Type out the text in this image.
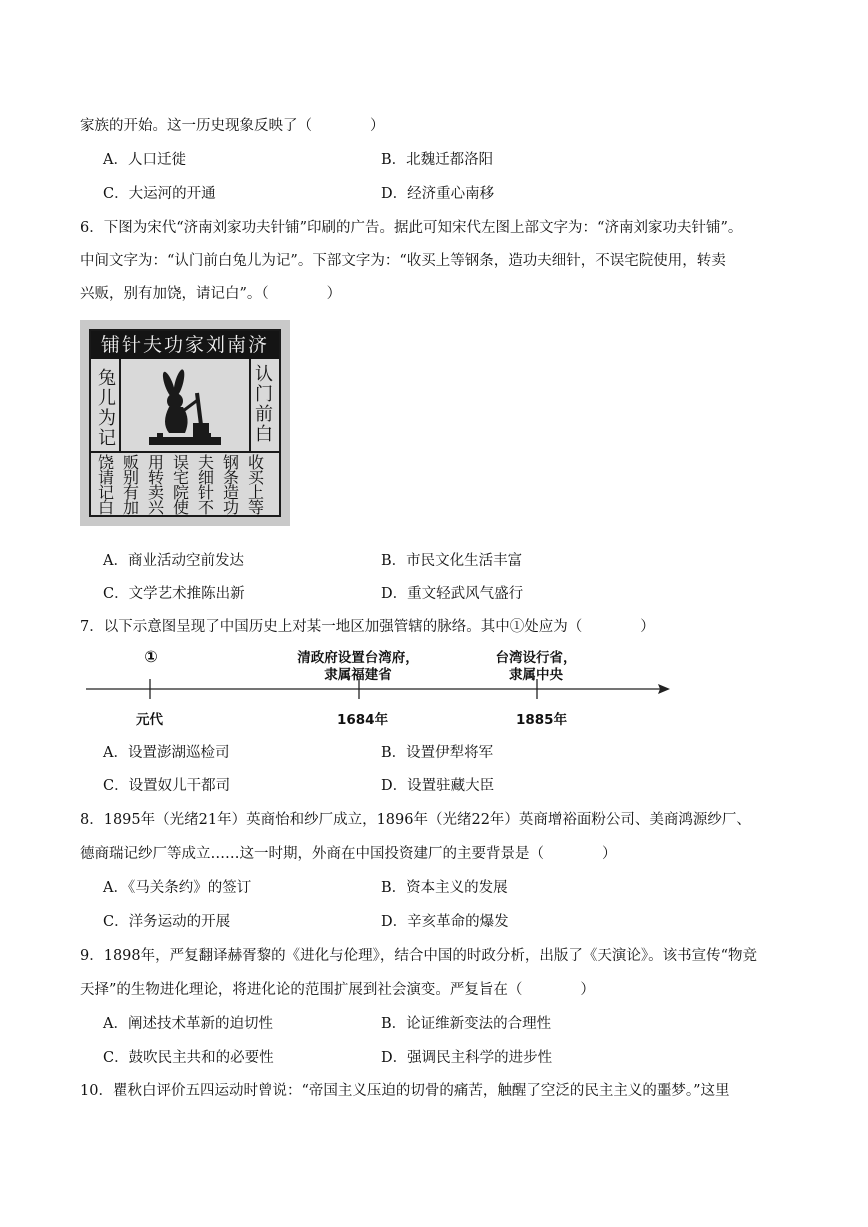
家族的开始。这一历史现象反映了（　　　　）
A．人口迁徙	B．北魏迁都洛阳
C．大运河的开通	D．经济重心南移
6．下图为宋代“济南刘家功夫针铺”印刷的广告。据此可知宋代左图上部文字为：“济南刘家功夫针铺”。
中间文字为：“认门前白兔儿为记”。下部文字为：“收买上等钢条，造功夫细针，不误宅院使用，转卖
兴贩，别有加饶，请记白”。（　　　　）
铺针夫功家刘南济
兔
儿
为
记
认
门
前
白
饶
请
记
白
贩
别
有
加
用
转
卖
兴
误
宅
院
使
夫
细
针
不
钢
条
造
功
收
买
上
等
A．商业活动空前发达	B．市民文化生活丰富
C．文学艺术推陈出新	D．重文轻武风气盛行
7．以下示意图呈现了中国历史上对某一地区加强管辖的脉络。其中①处应为（　　　　）
①	清政府设置台湾府，
隶属福建省
台湾设行省，
隶属中央
元代	1684年	1885年
A．设置澎湖巡检司	B．设置伊犁将军
C．设置奴儿干都司	D．设置驻藏大臣
8．1895年（光绪21年）英商怡和纱厂成立，1896年（光绪22年）英商增裕面粉公司、美商鸿源纱厂、
德商瑞记纱厂等成立……这一时期，外商在中国投资建厂的主要背景是（　　　　）
A．《马关条约》的签订	B．资本主义的发展
C．洋务运动的开展	D．辛亥革命的爆发
9．1898年，严复翻译赫胥黎的《进化与伦理》，结合中国的时政分析，出版了《天演论》。该书宣传“物竞
天择”的生物进化理论，将进化论的范围扩展到社会演变。严复旨在（　　　　）
A．阐述技术革新的迫切性	B．论证维新变法的合理性
C．鼓吹民主共和的必要性	D．强调民主科学的进步性
10．瞿秋白评价五四运动时曾说：“帝国主义压迫的切骨的痛苦，触醒了空泛的民主主义的噩梦。”这里
